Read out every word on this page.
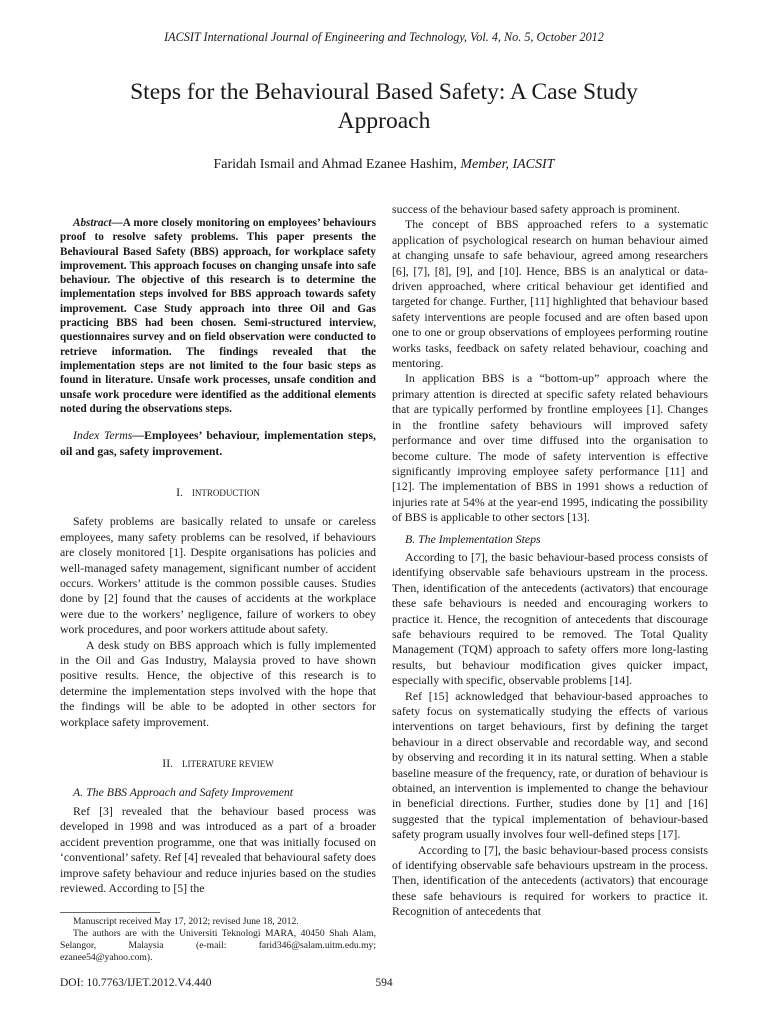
IACSIT International Journal of Engineering and Technology, Vol. 4, No. 5, October 2012
Steps for the Behavioural Based Safety: A Case Study Approach
Faridah Ismail and Ahmad Ezanee Hashim, Member, IACSIT

Abstract—A more closely monitoring on employees’ behaviours proof to resolve safety problems. This paper presents the Behavioural Based Safety (BBS) approach, for workplace safety improvement. This approach focuses on changing unsafe into safe behaviour. The objective of this research is to determine the implementation steps involved for BBS approach towards safety improvement. Case Study approach into three Oil and Gas practicing BBS had been chosen. Semi-structured interview, questionnaires survey and on field observation were conducted to retrieve information. The findings revealed that the implementation steps are not limited to the four basic steps as found in literature. Unsafe work processes, unsafe condition and unsafe work procedure were identified as the additional elements noted during the observations steps.

Index Terms—Employees’ behaviour, implementation steps, oil and gas, safety improvement.

I. INTRODUCTION

Safety problems are basically related to unsafe or careless employees, many safety problems can be resolved, if behaviours are closely monitored [1]. Despite organisations has policies and well-managed safety management, significant number of accident occurs. Workers’ attitude is the common possible causes. Studies done by [2] found that the causes of accidents at the workplace were due to the workers’ negligence, failure of workers to obey work procedures, and poor workers attitude about safety.

A desk study on BBS approach which is fully implemented in the Oil and Gas Industry, Malaysia proved to have shown positive results. Hence, the objective of this research is to determine the implementation steps involved with the hope that the findings will be able to be adopted in other sectors for workplace safety improvement.

II. LITERATURE REVIEW

A. The BBS Approach and Safety Improvement

Ref [3] revealed that the behaviour based process was developed in 1998 and was introduced as a part of a broader accident prevention programme, one that was initially focused on ‘conventional’ safety. Ref [4] revealed that behavioural safety does improve safety behaviour and reduce injuries based on the studies reviewed. According to [5] the

success of the behaviour based safety approach is prominent.

The concept of BBS approached refers to a systematic application of psychological research on human behaviour aimed at changing unsafe to safe behaviour, agreed among researchers [6], [7], [8], [9], and [10]. Hence, BBS is an analytical or data-driven approached, where critical behaviour get identified and targeted for change. Further, [11] highlighted that behaviour based safety interventions are people focused and are often based upon one to one or group observations of employees performing routine works tasks, feedback on safety related behaviour, coaching and mentoring.

In application BBS is a “bottom-up” approach where the primary attention is directed at specific safety related behaviours that are typically performed by frontline employees [1]. Changes in the frontline safety behaviours will improved safety performance and over time diffused into the organisation to become culture. The mode of safety intervention is effective significantly improving employee safety performance [11] and [12]. The implementation of BBS in 1991 shows a reduction of injuries rate at 54% at the year-end 1995, indicating the possibility of BBS is applicable to other sectors [13].

B. The Implementation Steps

According to [7], the basic behaviour-based process consists of identifying observable safe behaviours upstream in the process. Then, identification of the antecedents (activators) that encourage these safe behaviours is needed and encouraging workers to practice it. Hence, the recognition of antecedents that discourage safe behaviours required to be removed. The Total Quality Management (TQM) approach to safety offers more long-lasting results, but behaviour modification gives quicker impact, especially with specific, observable problems [14].

Ref [15] acknowledged that behaviour-based approaches to safety focus on systematically studying the effects of various interventions on target behaviours, first by defining the target behaviour in a direct observable and recordable way, and second by observing and recording it in its natural setting. When a stable baseline measure of the frequency, rate, or duration of behaviour is obtained, an intervention is implemented to change the behaviour in beneficial directions. Further, studies done by [1] and [16] suggested that the typical implementation of behaviour-based safety program usually involves four well-defined steps [17].

According to [7], the basic behaviour-based process consists of identifying observable safe behaviours upstream in the process. Then, identification of the antecedents (activators) that encourage these safe behaviours is required for workers to practice it. Recognition of antecedents that

Manuscript received May 17, 2012; revised June 18, 2012.

The authors are with the Universiti Teknologi MARA, 40450 Shah Alam, Selangor, Malaysia (e-mail: farid346@salam.uitm.edu.my; ezanee54@yahoo.com).

DOI: 10.7763/IJET.2012.V4.440	594
